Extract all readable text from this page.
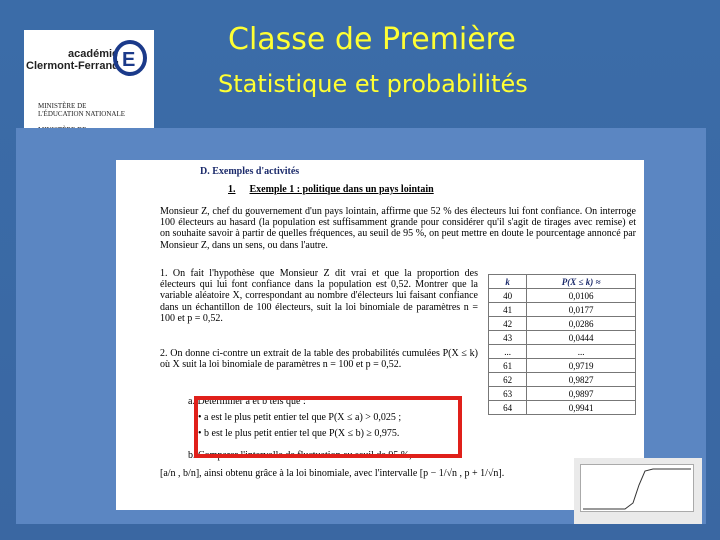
académie
Clermont-Ferrand E
MINISTÈRE DE
L'ÉDUCATION NATIONALE
Classe de Première
Statistique et probabilités
D. Exemples d'activités
1. Exemple 1 : politique dans un pays lointain
Monsieur Z, chef du gouvernement d'un pays lointain, affirme que 52 % des électeurs lui font confiance. On interroge 100 électeurs au hasard (la population est suffisamment grande pour considérer qu'il s'agit de tirages avec remise) et on souhaite savoir à partir de quelles fréquences, au seuil de 95 %, on peut mettre en doute le pourcentage annoncé par Monsieur Z, dans un sens, ou dans l'autre.
1. On fait l'hypothèse que Monsieur Z dit vrai et que la proportion des électeurs qui lui font confiance dans la population est 0,52. Montrer que la variable aléatoire X, correspondant au nombre d'électeurs lui faisant confiance dans un échantillon de 100 électeurs, suit la loi binomiale de paramètres n = 100 et p = 0,52.
2. On donne ci-contre un extrait de la table des probabilités cumulées P(X ≤ k) où X suit la loi binomiale de paramètres n = 100 et p = 0,52.
a. Déterminer a et b tels que :
• a est le plus petit entier tel que P(X ≤ a) > 0,025 ;
• b est le plus petit entier tel que P(X ≤ b) ≥ 0,975.
b. Comparer l'intervalle de fluctuation au seuil de 95 %,
[a/n , b/n], ainsi obtenu grâce à la loi binomiale, avec l'intervalle [p − 1/√n , p + 1/√n].
k	P(X ≤ k) ≈
40	0,0106
41	0,0177
42	0,0286
43	0,0444
...	...
61	0,9719
62	0,9827
63	0,9897
64	0,9941
